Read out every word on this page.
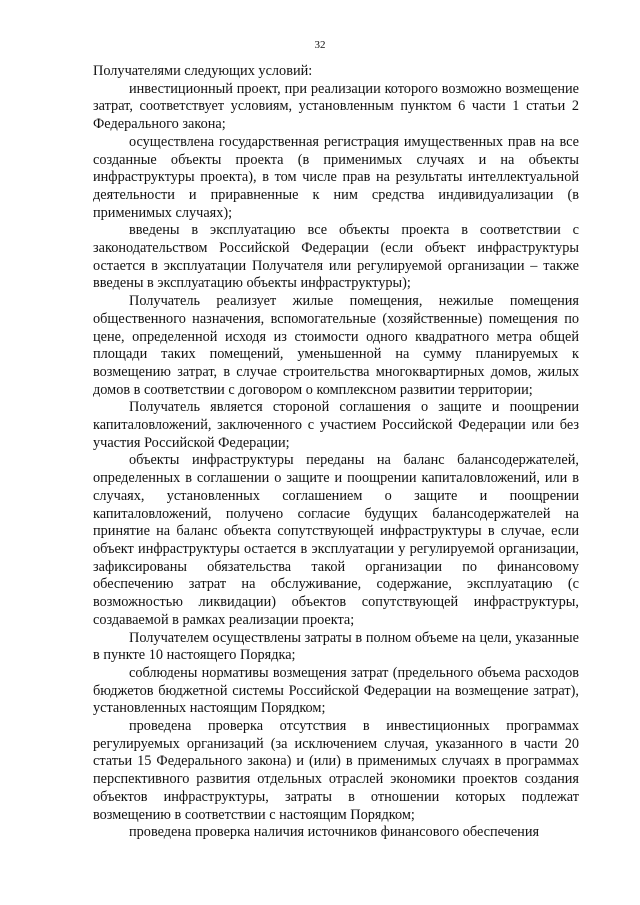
32

Получателями следующих условий:

инвестиционный проект, при реализации которого возможно возмещение затрат, соответствует условиям, установленным пунктом 6 части 1 статьи 2 Федерального закона;

осуществлена государственная регистрация имущественных прав на все созданные объекты проекта (в применимых случаях и на объекты инфраструктуры проекта), в том числе прав на результаты интеллектуальной деятельности и приравненные к ним средства индивидуализации (в применимых случаях);

введены в эксплуатацию все объекты проекта в соответствии с законодательством Российской Федерации (если объект инфраструктуры остается в эксплуатации Получателя или регулируемой организации – также введены в эксплуатацию объекты инфраструктуры);

Получатель реализует жилые помещения, нежилые помещения общественного назначения, вспомогательные (хозяйственные) помещения по цене, определенной исходя из стоимости одного квадратного метра общей площади таких помещений, уменьшенной на сумму планируемых к возмещению затрат, в случае строительства многоквартирных домов, жилых домов в соответствии с договором о комплексном развитии территории;

Получатель является стороной соглашения о защите и поощрении капиталовложений, заключенного с участием Российской Федерации или без участия Российской Федерации;

объекты инфраструктуры переданы на баланс балансодержателей, определенных в соглашении о защите и поощрении капиталовложений, или в случаях, установленных соглашением о защите и поощрении капиталовложений, получено согласие будущих балансодержателей на принятие на баланс объекта сопутствующей инфраструктуры в случае, если объект инфраструктуры остается в эксплуатации у регулируемой организации, зафиксированы обязательства такой организации по финансовому обеспечению затрат на обслуживание, содержание, эксплуатацию (с возможностью ликвидации) объектов сопутствующей инфраструктуры, создаваемой в рамках реализации проекта;

Получателем осуществлены затраты в полном объеме на цели, указанные в пункте 10 настоящего Порядка;

соблюдены нормативы возмещения затрат (предельного объема расходов бюджетов бюджетной системы Российской Федерации на возмещение затрат), установленных настоящим Порядком;

проведена проверка отсутствия в инвестиционных программах регулируемых организаций (за исключением случая, указанного в части 20 статьи 15 Федерального закона) и (или) в применимых случаях в программах перспективного развития отдельных отраслей экономики проектов создания объектов инфраструктуры, затраты в отношении которых подлежат возмещению в соответствии с настоящим Порядком;

проведена проверка наличия источников финансового обеспечения
